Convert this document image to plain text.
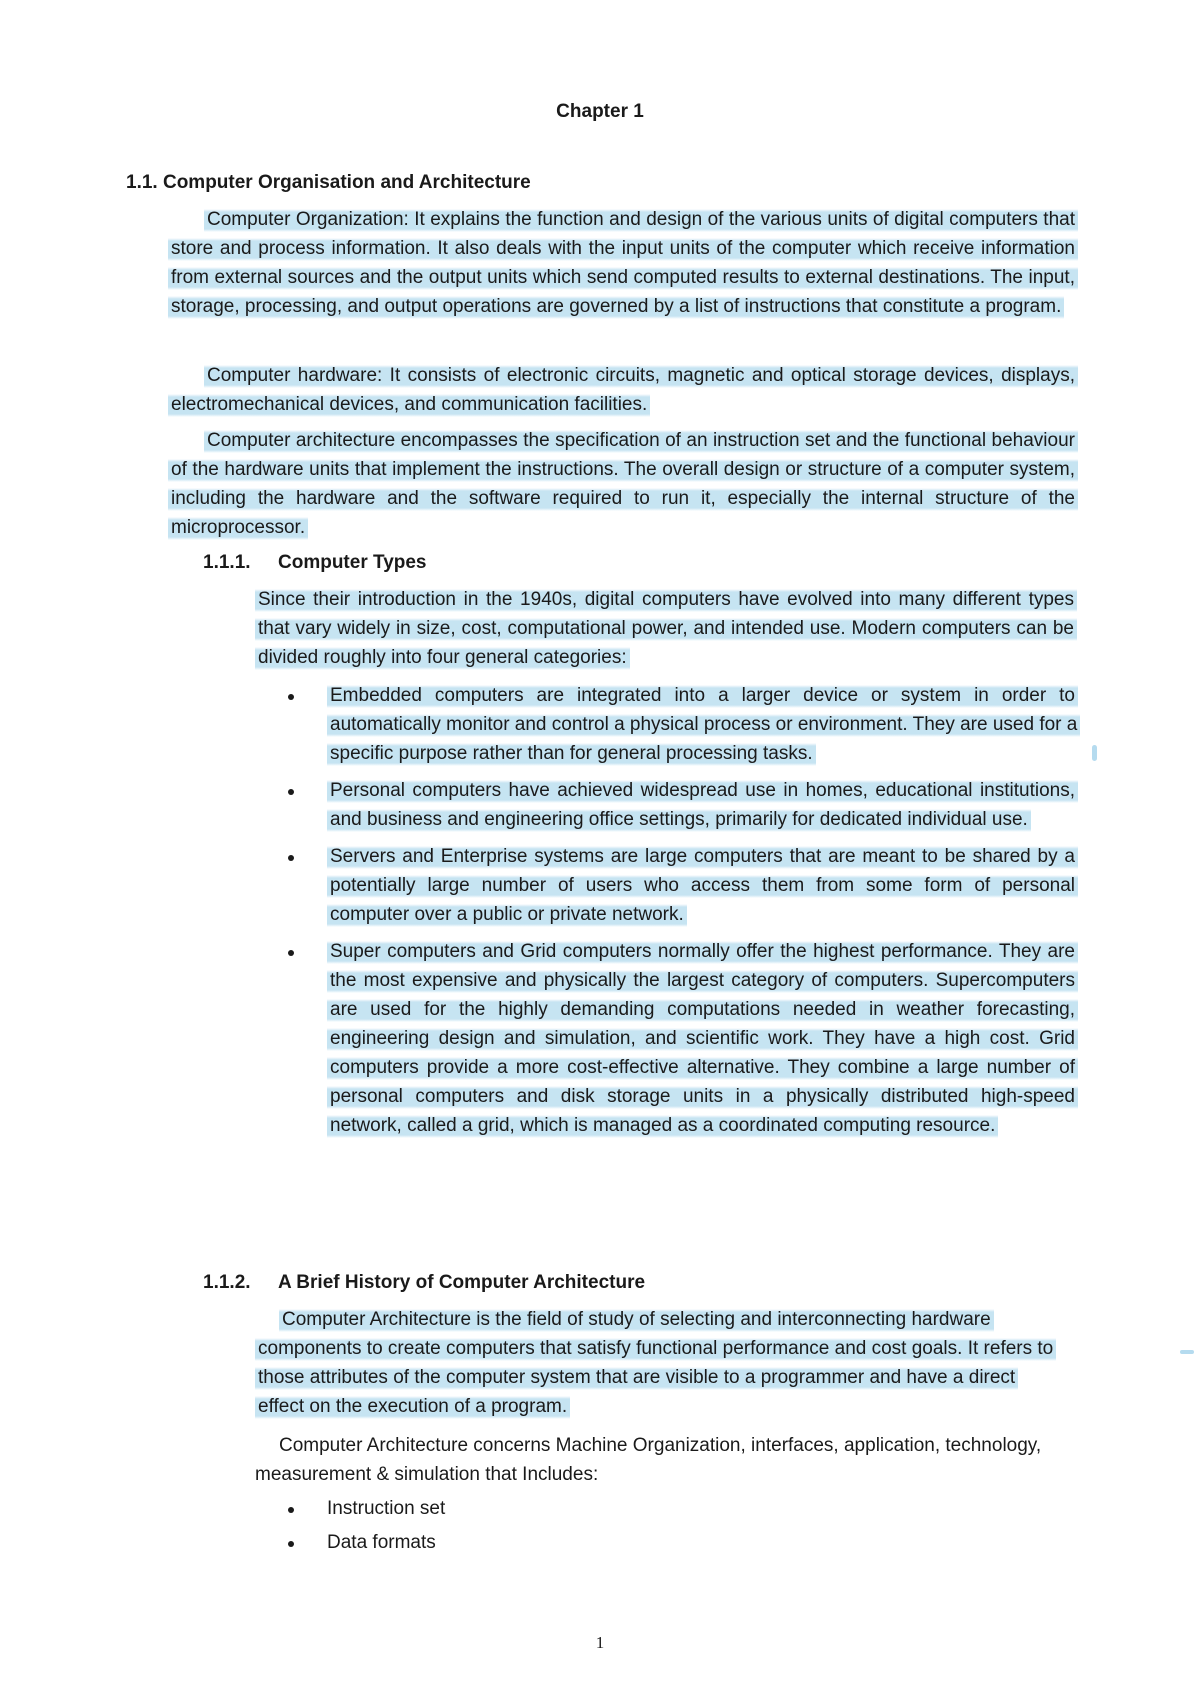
Chapter 1
1.1. Computer Organisation and Architecture
Computer Organization: It explains the function and design of the various units of digital computers that store and process information. It also deals with the input units of the computer which receive information from external sources and the output units which send computed results to external destinations. The input, storage, processing, and output operations are governed by a list of instructions that constitute a program.
Computer hardware: It consists of electronic circuits, magnetic and optical storage devices, displays, electromechanical devices, and communication facilities.
Computer architecture encompasses the specification of an instruction set and the functional behaviour of the hardware units that implement the instructions. The overall design or structure of a computer system, including the hardware and the software required to run it, especially the internal structure of the microprocessor.
1.1.1. Computer Types
Since their introduction in the 1940s, digital computers have evolved into many different types that vary widely in size, cost, computational power, and intended use. Modern computers can be divided roughly into four general categories:
Embedded computers are integrated into a larger device or system in order to automatically monitor and control a physical process or environment. They are used for a specific purpose rather than for general processing tasks.
Personal computers have achieved widespread use in homes, educational institutions, and business and engineering office settings, primarily for dedicated individual use.
Servers and Enterprise systems are large computers that are meant to be shared by a potentially large number of users who access them from some form of personal computer over a public or private network.
Super computers and Grid computers normally offer the highest performance. They are the most expensive and physically the largest category of computers. Supercomputers are used for the highly demanding computations needed in weather forecasting, engineering design and simulation, and scientific work. They have a high cost. Grid computers provide a more cost-effective alternative. They combine a large number of personal computers and disk storage units in a physically distributed high-speed network, called a grid, which is managed as a coordinated computing resource.
1.1.2. A Brief History of Computer Architecture
Computer Architecture is the field of study of selecting and interconnecting hardware components to create computers that satisfy functional performance and cost goals. It refers to those attributes of the computer system that are visible to a programmer and have a direct effect on the execution of a program.
Computer Architecture concerns Machine Organization, interfaces, application, technology, measurement & simulation that Includes:
Instruction set
Data formats
1
